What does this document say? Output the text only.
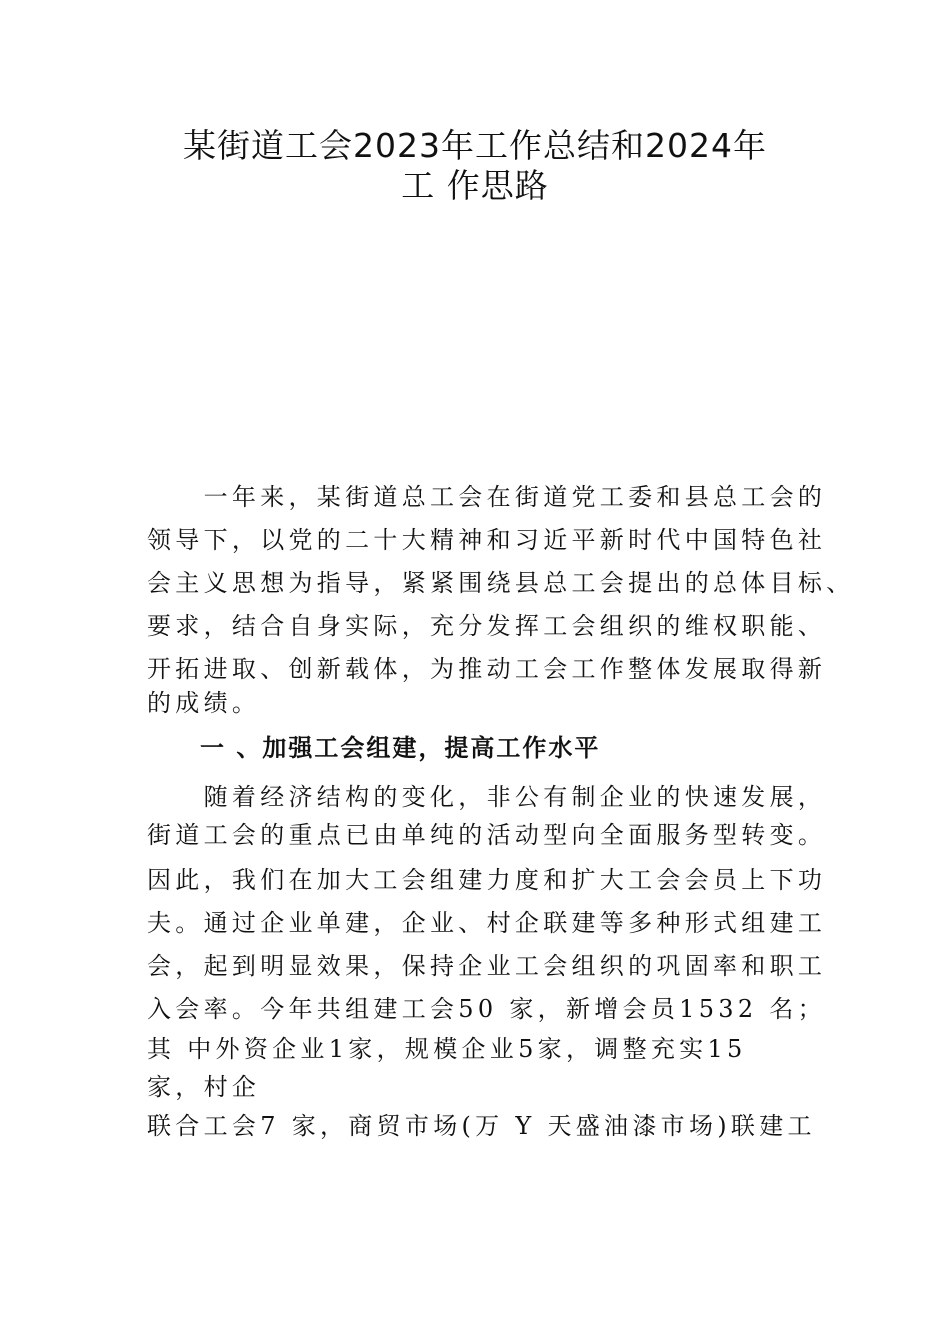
某街道工会2023年工作总结和2024年
工 作思路
　　一年来，某街道总工会在街道党工委和县总工会的
领导下，以党的二十大精神和习近平新时代中国特色社
会主义思想为指导，紧紧围绕县总工会提出的总体目标、
要求，结合自身实际，充分发挥工会组织的维权职能、
开拓进取、创新载体，为推动工会工作整体发展取得新
的成绩。
一 、加强工会组建，提高工作水平
　　随着经济结构的变化，非公有制企业的快速发展，
街道工会的重点已由单纯的活动型向全面服务型转变。
因此，我们在加大工会组建力度和扩大工会会员上下功
夫。通过企业单建，企业、村企联建等多种形式组建工
会，起到明显效果，保持企业工会组织的巩固率和职工
入会率。今年共组建工会50 家，新增会员1532 名；
其 中外资企业1家，规模企业5家，调整充实15
家，村企
联合工会7 家，商贸市场(万 Y 天盛油漆市场)联建工
